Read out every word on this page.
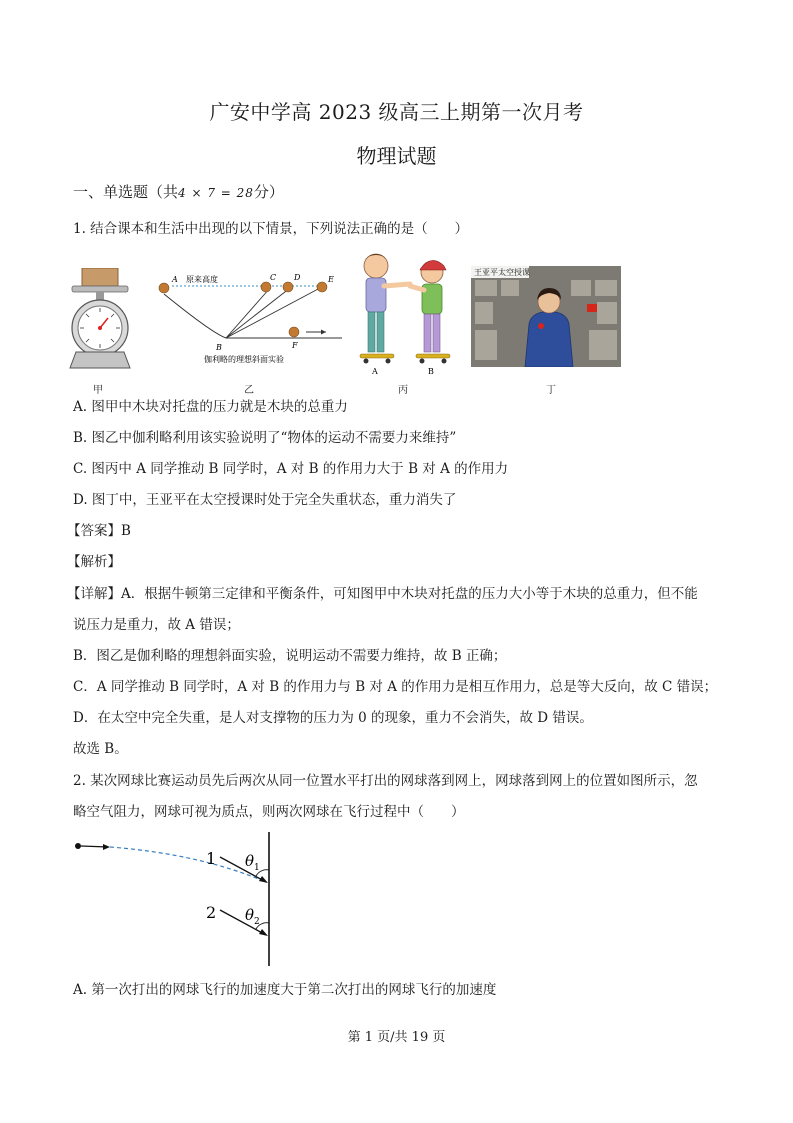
广安中学高 2023 级高三上期第一次月考
物理试题
一、单选题（共4 × 7 = 28分）
1. 结合课本和生活中出现的以下情景，下列说法正确的是（　　）
甲
A 原来高度	C D	E
B	F
伽利略的理想斜面实验
乙
A	B
丙
王亚平太空授课
丁
A. 图甲中木块对托盘的压力就是木块的总重力
B. 图乙中伽利略利用该实验说明了“物体的运动不需要力来维持”
C. 图丙中 A 同学推动 B 同学时，A 对 B 的作用力大于 B 对 A 的作用力
D. 图丁中，王亚平在太空授课时处于完全失重状态，重力消失了
【答案】B
【解析】
【详解】A．根据牛顿第三定律和平衡条件，可知图甲中木块对托盘的压力大小等于木块的总重力，但不能
说压力是重力，故 A 错误；
B．图乙是伽利略的理想斜面实验，说明运动不需要力维持，故 B 正确；
C．A 同学推动 B 同学时，A 对 B 的作用力与 B 对 A 的作用力是相互作用力，总是等大反向，故 C 错误；
D．在太空中完全失重，是人对支撑物的压力为 0 的现象，重力不会消失，故 D 错误。
故选 B。
2. 某次网球比赛运动员先后两次从同一位置水平打出的网球落到网上，网球落到网上的位置如图所示，忽
略空气阻力，网球可视为质点，则两次网球在飞行过程中（　　）
1 θ 1
2 θ 2
A. 第一次打出的网球飞行的加速度大于第二次打出的网球飞行的加速度
第 1 页/共 19 页
